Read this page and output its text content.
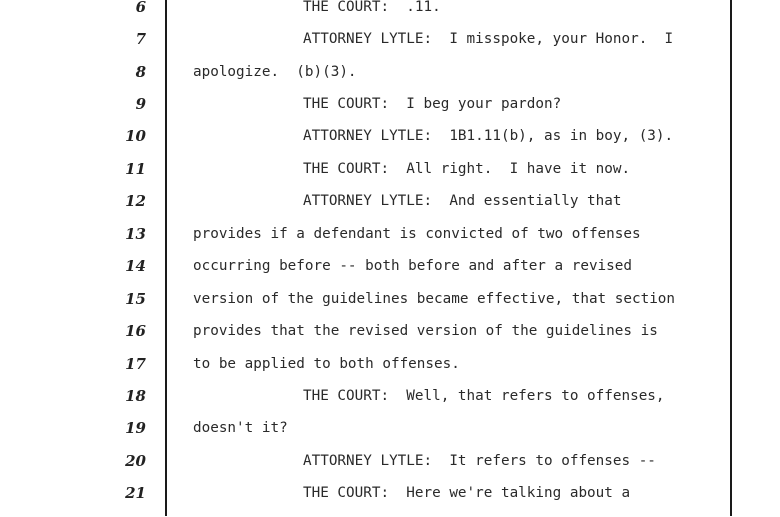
6	THE COURT:  .11.
7	ATTORNEY LYTLE:  I misspoke, your Honor.  I
8	apologize.  (b)(3).
9	THE COURT:  I beg your pardon?
10	ATTORNEY LYTLE:  1B1.11(b), as in boy, (3).
11	THE COURT:  All right.  I have it now.
12	ATTORNEY LYTLE:  And essentially that
13	provides if a defendant is convicted of two offenses
14	occurring before -- both before and after a revised
15	version of the guidelines became effective, that section
16	provides that the revised version of the guidelines is
17	to be applied to both offenses.
18	THE COURT:  Well, that refers to offenses,
19	doesn't it?
20	ATTORNEY LYTLE:  It refers to offenses --
21	THE COURT:  Here we're talking about a
